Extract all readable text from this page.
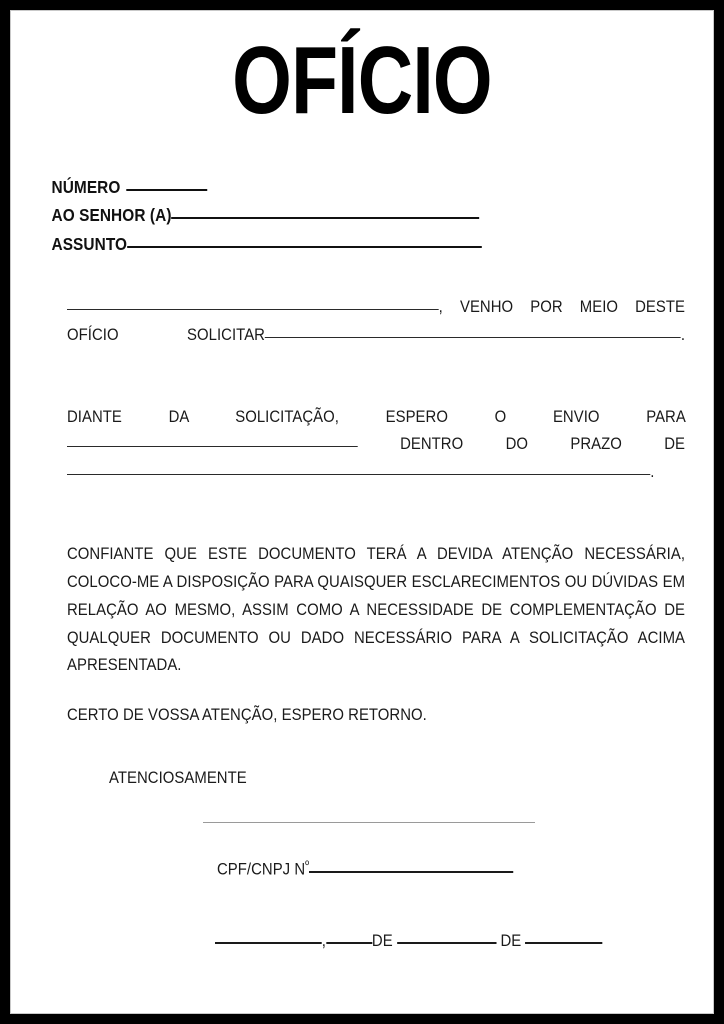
OFÍCIO
NÚMERO
AO SENHOR (A)
ASSUNTO

, VENHO POR MEIO DESTE OFÍCIO SOLICITAR	.

DIANTE DA SOLICITAÇÃO, ESPERO O ENVIO PARA  DENTRO DO PRAZO DE .

CONFIANTE QUE ESTE DOCUMENTO TERÁ A DEVIDA ATENÇÃO NECESSÁRIA, COLOCO-ME A DISPOSIÇÃO PARA QUAISQUER ESCLARECIMENTOS OU DÚVIDAS EM RELAÇÃO AO MESMO, ASSIM COMO A NECESSIDADE DE COMPLEMENTAÇÃO DE QUALQUER DOCUMENTO OU DADO NECESSÁRIO PARA A SOLICITAÇÃO ACIMA APRESENTADA.

CERTO DE VOSSA ATENÇÃO, ESPERO RETORNO.

ATENCIOSAMENTE
CPF/CNPJ $N^º$
,	DE	DE
